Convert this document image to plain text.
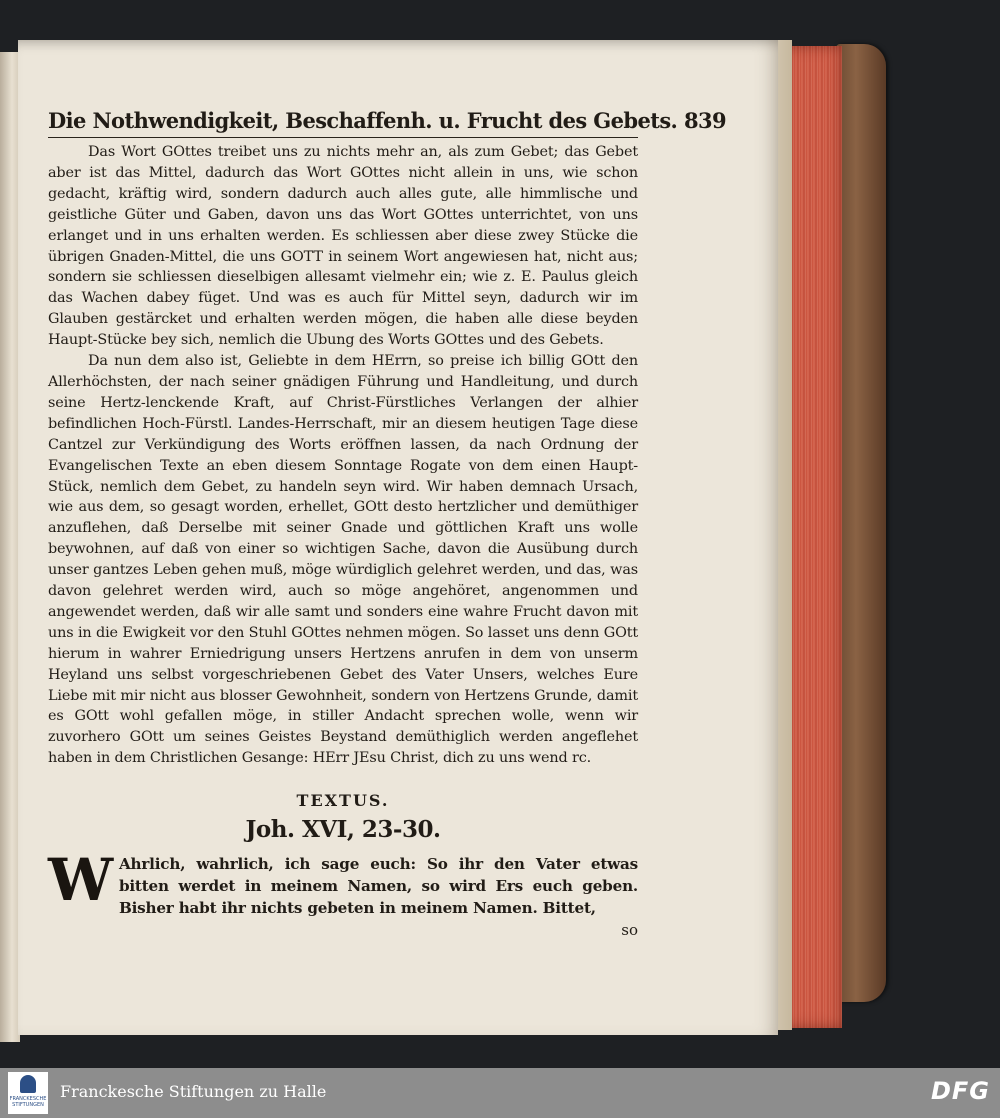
Die Nothwendigkeit, Beschaffenh. u. Frucht des Gebets. 839

Das Wort GOttes treibet uns zu nichts mehr an, als zum Gebet; das Gebet aber ist das Mittel, dadurch das Wort GOttes nicht allein in uns, wie schon gedacht, kräftig wird, sondern dadurch auch alles gute, alle himmlische und geistliche Güter und Gaben, davon uns das Wort GOttes unterrichtet, von uns erlanget und in uns erhalten werden. Es schliessen aber diese zwey Stücke die übrigen Gnaden-Mittel, die uns GOTT in seinem Wort angewiesen hat, nicht aus; sondern sie schliessen dieselbigen allesamt vielmehr ein; wie z. E. Paulus gleich das Wachen dabey füget. Und was es auch für Mittel seyn, dadurch wir im Glauben gestärcket und erhalten werden mögen, die haben alle diese beyden Haupt-Stücke bey sich, nemlich die Ubung des Worts GOttes und des Gebets.

Da nun dem also ist, Geliebte in dem HErrn, so preise ich billig GOtt den Allerhöchsten, der nach seiner gnädigen Führung und Handleitung, und durch seine Hertz-lenckende Kraft, auf Christ-Fürstliches Verlangen der alhier befindlichen Hoch-Fürstl. Landes-Herrschaft, mir an diesem heutigen Tage diese Cantzel zur Verkündigung des Worts eröffnen lassen, da nach Ordnung der Evangelischen Texte an eben diesem Sonntage Rogate von dem einen Haupt-Stück, nemlich dem Gebet, zu handeln seyn wird. Wir haben demnach Ursach, wie aus dem, so gesagt worden, erhellet, GOtt desto hertzlicher und demüthiger anzuflehen, daß Derselbe mit seiner Gnade und göttlichen Kraft uns wolle beywohnen, auf daß von einer so wichtigen Sache, davon die Ausübung durch unser gantzes Leben gehen muß, möge würdiglich gelehret werden, und das, was davon gelehret werden wird, auch so möge angehöret, angenommen und angewendet werden, daß wir alle samt und sonders eine wahre Frucht davon mit uns in die Ewigkeit vor den Stuhl GOttes nehmen mögen. So lasset uns denn GOtt hierum in wahrer Erniedrigung unsers Hertzens anrufen in dem von unserm Heyland uns selbst vorgeschriebenen Gebet des Vater Unsers, welches Eure Liebe mit mir nicht aus blosser Gewohnheit, sondern von Hertzens Grunde, damit es GOtt wohl gefallen möge, in stiller Andacht sprechen wolle, wenn wir zuvorhero GOtt um seines Geistes Beystand demüthiglich werden angeflehet haben in dem Christlichen Gesange: HErr JEsu Christ, dich zu uns wend rc.

TEXTUS.
Joh. XVI, 23-30.
W Ahrlich, wahrlich, ich sage euch: So ihr den Vater etwas bitten werdet in meinem Namen, so wird Ers euch geben. Bisher habt ihr nichts gebeten in meinem Namen. Bittet,
so
FRANCKESCHE STIFTUNGEN
Franckesche Stiftungen zu Halle	DFG
